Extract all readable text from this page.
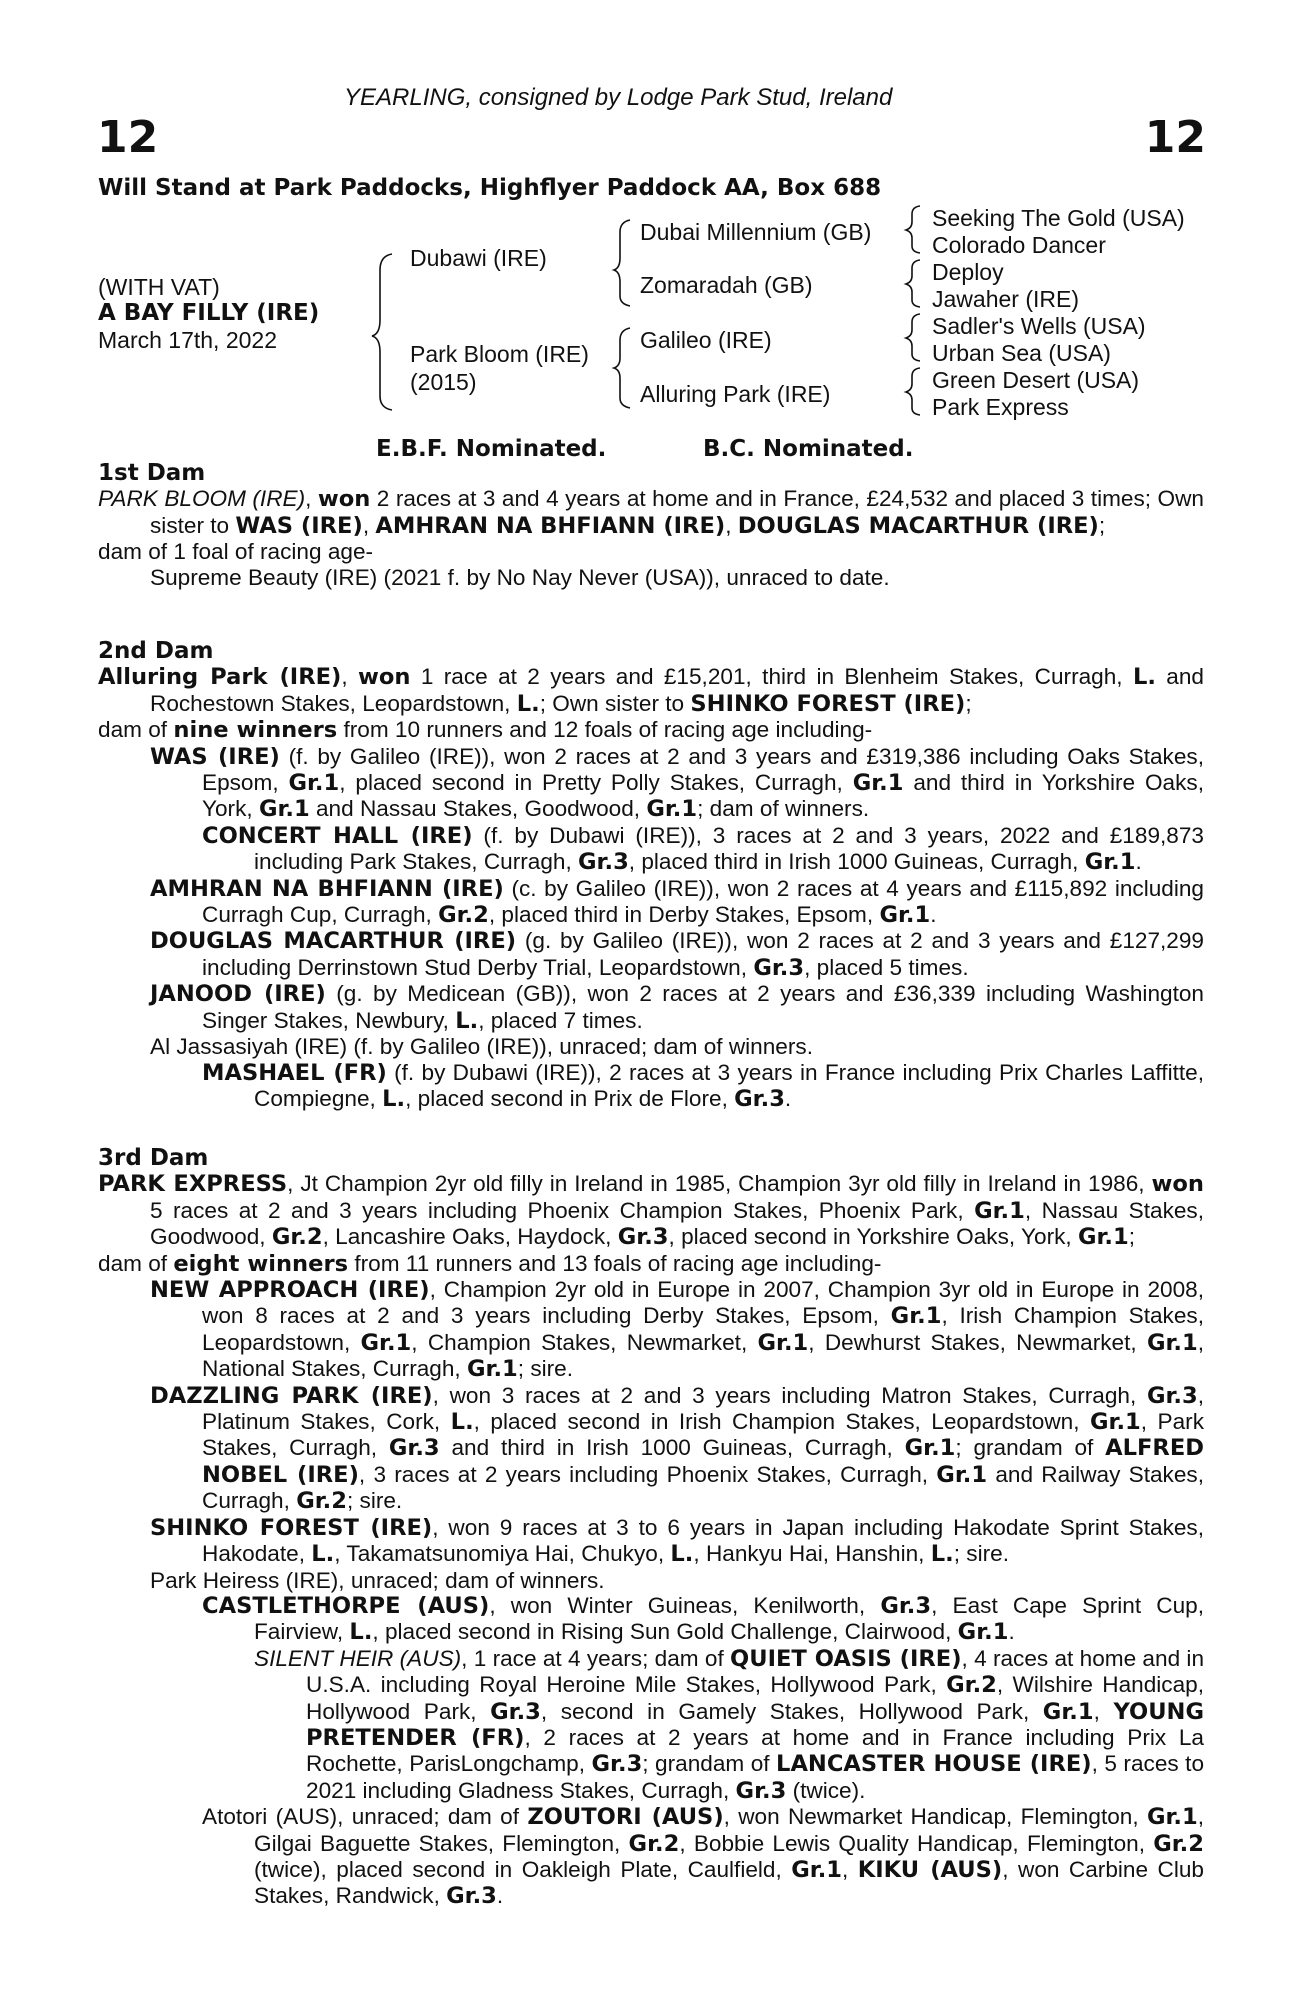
YEARLING, consigned by Lodge Park Stud, Ireland
12	12
Will Stand at Park Paddocks, Highflyer Paddock AA, Box 688
(WITH VAT)
A BAY FILLY (IRE)
March 17th, 2022
Dubawi (IRE)
Park Bloom (IRE)
(2015)
Dubai Millennium (GB)
Zomaradah (GB)
Galileo (IRE)
Alluring Park (IRE)
Seeking The Gold (USA)
Colorado Dancer
Deploy
Jawaher (IRE)
Sadler's Wells (USA)
Urban Sea (USA)
Green Desert (USA)
Park Express
E.B.F. Nominated.	B.C. Nominated.
1st Dam

PARK BLOOM (IRE), won 2 races at 3 and 4 years at home and in France, £24,532 and placed 3 times; Own sister to WAS (IRE), AMHRAN NA BHFIANN (IRE), DOUGLAS MACARTHUR (IRE);

dam of 1 foal of racing age-

Supreme Beauty (IRE) (2021 f. by No Nay Never (USA)), unraced to date.

2nd Dam

Alluring Park (IRE), won 1 race at 2 years and £15,201, third in Blenheim Stakes, Curragh, L. and Rochestown Stakes, Leopardstown, L.; Own sister to SHINKO FOREST (IRE);

dam of nine winners from 10 runners and 12 foals of racing age including-

WAS (IRE) (f. by Galileo (IRE)), won 2 races at 2 and 3 years and £319,386 including Oaks Stakes, Epsom, Gr.1, placed second in Pretty Polly Stakes, Curragh, Gr.1 and third in Yorkshire Oaks, York, Gr.1 and Nassau Stakes, Goodwood, Gr.1; dam of winners.

CONCERT HALL (IRE) (f. by Dubawi (IRE)), 3 races at 2 and 3 years, 2022 and £189,873 including Park Stakes, Curragh, Gr.3, placed third in Irish 1000 Guineas, Curragh, Gr.1.

AMHRAN NA BHFIANN (IRE) (c. by Galileo (IRE)), won 2 races at 4 years and £115,892 including Curragh Cup, Curragh, Gr.2, placed third in Derby Stakes, Epsom, Gr.1.

DOUGLAS MACARTHUR (IRE) (g. by Galileo (IRE)), won 2 races at 2 and 3 years and £127,299 including Derrinstown Stud Derby Trial, Leopardstown, Gr.3, placed 5 times.

JANOOD (IRE) (g. by Medicean (GB)), won 2 races at 2 years and £36,339 including Washington Singer Stakes, Newbury, L., placed 7 times.

Al Jassasiyah (IRE) (f. by Galileo (IRE)), unraced; dam of winners.

MASHAEL (FR) (f. by Dubawi (IRE)), 2 races at 3 years in France including Prix Charles Laffitte, Compiegne, L., placed second in Prix de Flore, Gr.3.

3rd Dam

PARK EXPRESS, Jt Champion 2yr old filly in Ireland in 1985, Champion 3yr old filly in Ireland in 1986, won 5 races at 2 and 3 years including Phoenix Champion Stakes, Phoenix Park, Gr.1, Nassau Stakes, Goodwood, Gr.2, Lancashire Oaks, Haydock, Gr.3, placed second in Yorkshire Oaks, York, Gr.1;

dam of eight winners from 11 runners and 13 foals of racing age including-

NEW APPROACH (IRE), Champion 2yr old in Europe in 2007, Champion 3yr old in Europe in 2008, won 8 races at 2 and 3 years including Derby Stakes, Epsom, Gr.1, Irish Champion Stakes, Leopardstown, Gr.1, Champion Stakes, Newmarket, Gr.1, Dewhurst Stakes, Newmarket, Gr.1, National Stakes, Curragh, Gr.1; sire.

DAZZLING PARK (IRE), won 3 races at 2 and 3 years including Matron Stakes, Curragh, Gr.3, Platinum Stakes, Cork, L., placed second in Irish Champion Stakes, Leopardstown, Gr.1, Park Stakes, Curragh, Gr.3 and third in Irish 1000 Guineas, Curragh, Gr.1; grandam of ALFRED NOBEL (IRE), 3 races at 2 years including Phoenix Stakes, Curragh, Gr.1 and Railway Stakes, Curragh, Gr.2; sire.

SHINKO FOREST (IRE), won 9 races at 3 to 6 years in Japan including Hakodate Sprint Stakes, Hakodate, L., Takamatsunomiya Hai, Chukyo, L., Hankyu Hai, Hanshin, L.; sire.

Park Heiress (IRE), unraced; dam of winners.

CASTLETHORPE (AUS), won Winter Guineas, Kenilworth, Gr.3, East Cape Sprint Cup, Fairview, L., placed second in Rising Sun Gold Challenge, Clairwood, Gr.1.

SILENT HEIR (AUS), 1 race at 4 years; dam of QUIET OASIS (IRE), 4 races at home and in U.S.A. including Royal Heroine Mile Stakes, Hollywood Park, Gr.2, Wilshire Handicap, Hollywood Park, Gr.3, second in Gamely Stakes, Hollywood Park, Gr.1, YOUNG PRETENDER (FR), 2 races at 2 years at home and in France including Prix La Rochette, ParisLongchamp, Gr.3; grandam of LANCASTER HOUSE (IRE), 5 races to 2021 including Gladness Stakes, Curragh, Gr.3 (twice).

Atotori (AUS), unraced; dam of ZOUTORI (AUS), won Newmarket Handicap, Flemington, Gr.1, Gilgai Baguette Stakes, Flemington, Gr.2, Bobbie Lewis Quality Handicap, Flemington, Gr.2 (twice), placed second in Oakleigh Plate, Caulfield, Gr.1, KIKU (AUS), won Carbine Club Stakes, Randwick, Gr.3.
